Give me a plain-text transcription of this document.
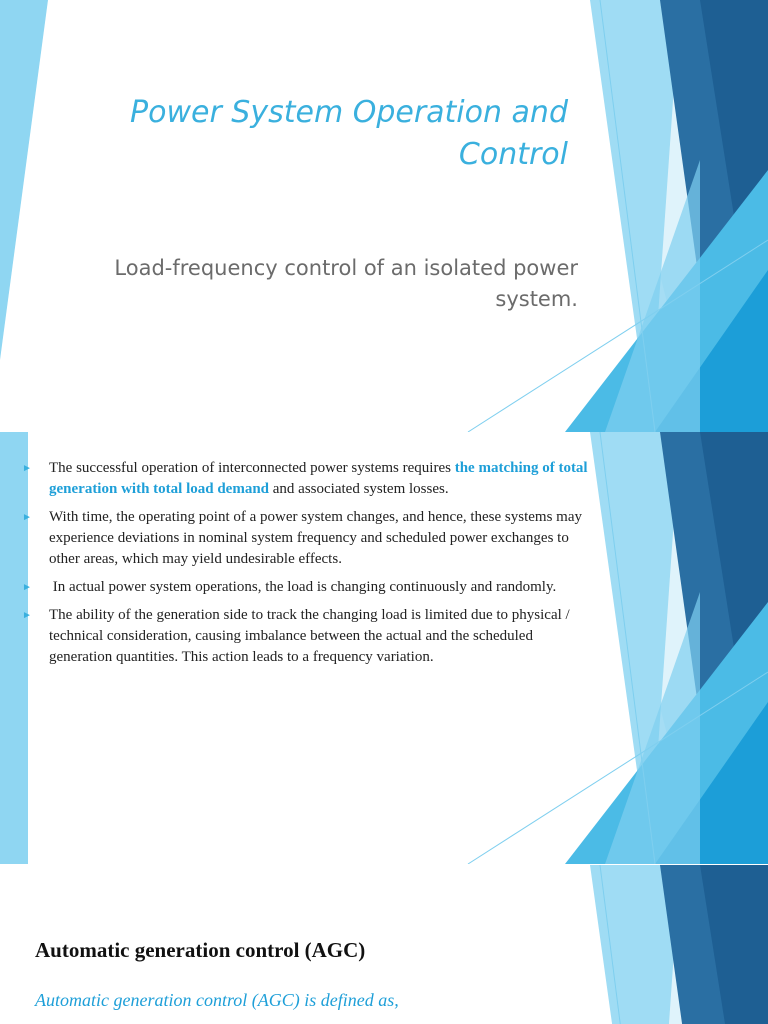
Power System Operation and Control
Load-frequency control of an isolated power system.
► The successful operation of interconnected power systems requires the matching of total generation with total load demand and associated system losses.
► With time, the operating point of a power system changes, and hence, these systems may experience deviations in nominal system frequency and scheduled power exchanges to other areas, which may yield undesirable effects.
► In actual power system operations, the load is changing continuously and randomly.
► The ability of the generation side to track the changing load is limited due to physical / technical consideration, causing imbalance between the actual and the scheduled generation quantities. This action leads to a frequency variation.
Automatic generation control (AGC)
Automatic generation control (AGC) is defined as,
